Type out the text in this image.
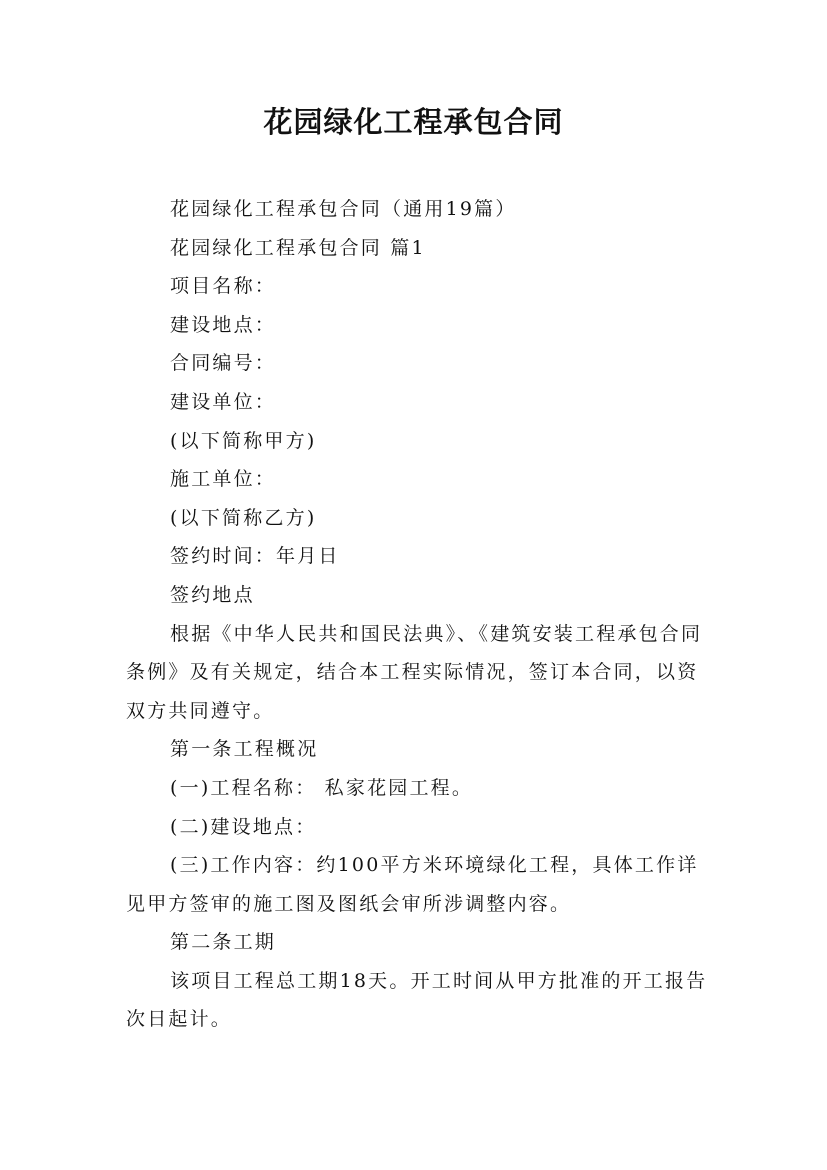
花园绿化工程承包合同

花园绿化工程承包合同（通用19篇）

花园绿化工程承包合同 篇1

项目名称：

建设地点：

合同编号：

建设单位：

(以下简称甲方)

施工单位：

(以下简称乙方)

签约时间：年月日

签约地点

根据《中华人民共和国民法典》、《建筑安装工程承包合同条例》及有关规定，结合本工程实际情况，签订本合同，以资双方共同遵守。

第一条工程概况

(一)工程名称： 私家花园工程。

(二)建设地点：

(三)工作内容：约100平方米环境绿化工程，具体工作详见甲方签审的施工图及图纸会审所涉调整内容。

第二条工期

该项目工程总工期18天。开工时间从甲方批准的开工报告次日起计。
